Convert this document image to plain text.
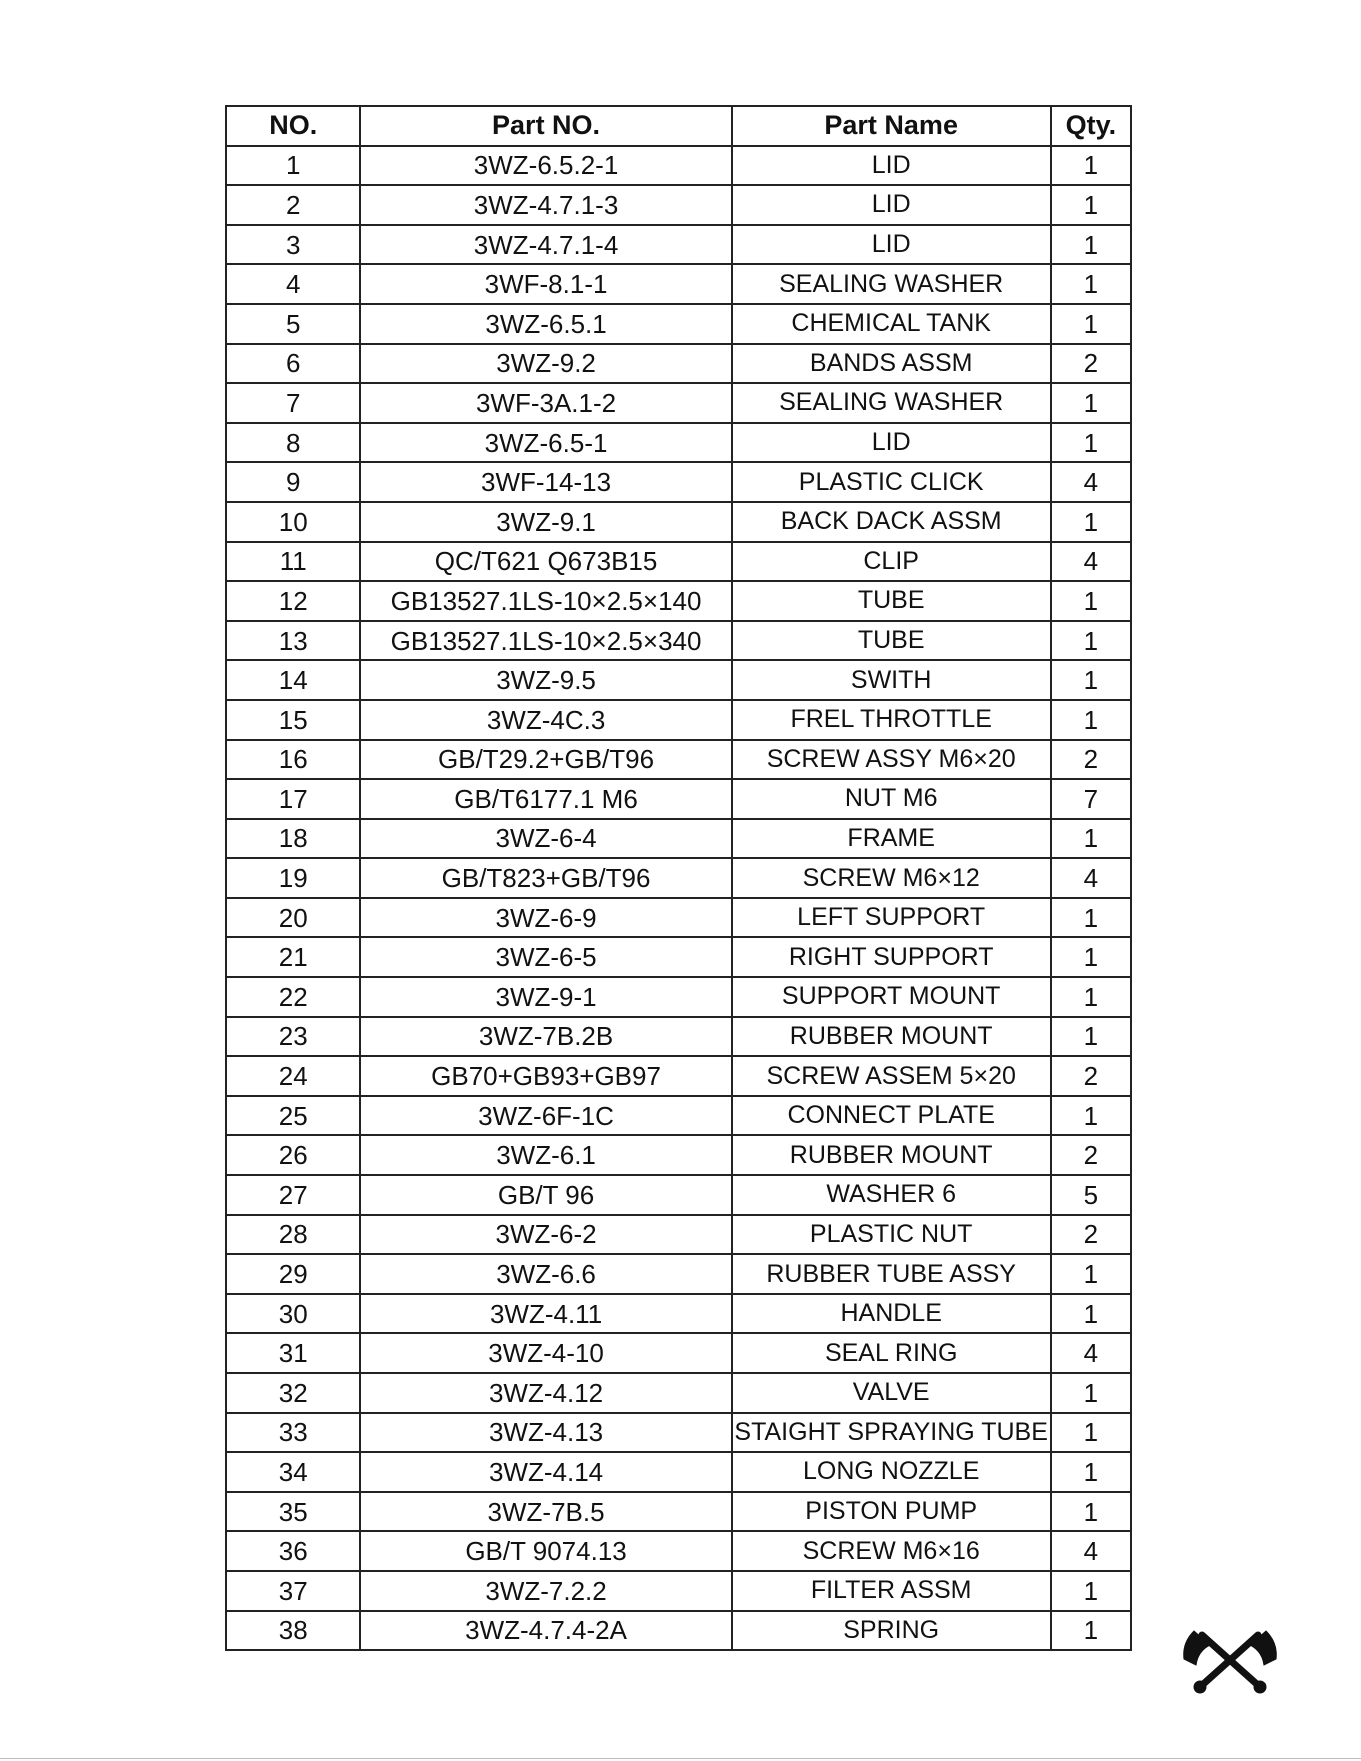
NO.	Part NO.	Part Name	Qty.
1	3WZ-6.5.2-1	LID	1
2	3WZ-4.7.1-3	LID	1
3	3WZ-4.7.1-4	LID	1
4	3WF-8.1-1	SEALING WASHER	1
5	3WZ-6.5.1	CHEMICAL TANK	1
6	3WZ-9.2	BANDS ASSM	2
7	3WF-3A.1-2	SEALING WASHER	1
8	3WZ-6.5-1	LID	1
9	3WF-14-13	PLASTIC CLICK	4
10	3WZ-9.1	BACK DACK ASSM	1
11	QC/T621 Q673B15	CLIP	4
12	GB13527.1LS-10×2.5×140	TUBE	1
13	GB13527.1LS-10×2.5×340	TUBE	1
14	3WZ-9.5	SWITH	1
15	3WZ-4C.3	FREL THROTTLE	1
16	GB/T29.2+GB/T96	SCREW ASSY M6×20	2
17	GB/T6177.1 M6	NUT M6	7
18	3WZ-6-4	FRAME	1
19	GB/T823+GB/T96	SCREW M6×12	4
20	3WZ-6-9	LEFT SUPPORT	1
21	3WZ-6-5	RIGHT SUPPORT	1
22	3WZ-9-1	SUPPORT MOUNT	1
23	3WZ-7B.2B	RUBBER MOUNT	1
24	GB70+GB93+GB97	SCREW ASSEM 5×20	2
25	3WZ-6F-1C	CONNECT PLATE	1
26	3WZ-6.1	RUBBER MOUNT	2
27	GB/T 96	WASHER 6	5
28	3WZ-6-2	PLASTIC NUT	2
29	3WZ-6.6	RUBBER TUBE ASSY	1
30	3WZ-4.11	HANDLE	1
31	3WZ-4-10	SEAL RING	4
32	3WZ-4.12	VALVE	1
33	3WZ-4.13	STAIGHT SPRAYING TUBE	1
34	3WZ-4.14	LONG NOZZLE	1
35	3WZ-7B.5	PISTON PUMP	1
36	GB/T 9074.13	SCREW M6×16	4
37	3WZ-7.2.2	FILTER ASSM	1
38	3WZ-4.7.4-2A	SPRING	1
